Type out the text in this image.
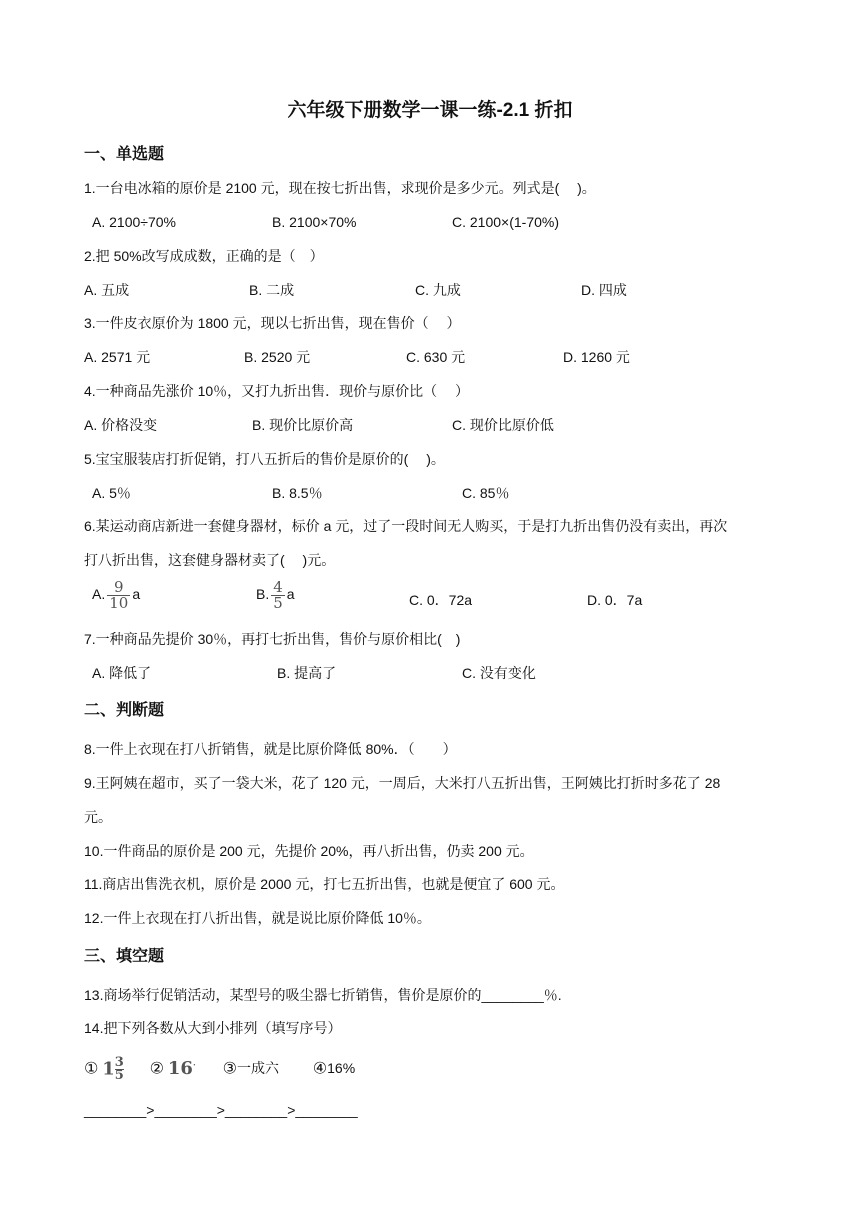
六年级下册数学一课一练-2.1 折扣
一、单选题
1.一台电冰箱的原价是 2100 元，现在按七折出售，求现价是多少元。列式是(　 )。
A. 2100÷70%	B. 2100×70%	C. 2100×(1-70%)
2.把 50%改写成成数，正确的是（　）
A. 五成	B. 二成	C. 九成	D. 四成
3.一件皮衣原价为 1800 元，现以七折出售，现在售价（　 ）
A. 2571 元	B. 2520 元	C. 630 元	D. 1260 元
4.一种商品先涨价 10％，又打九折出售．现价与原价比（　 ）
A. 价格没变	B. 现价比原价高	C. 现价比原价低
5.宝宝服装店打折促销，打八五折后的售价是原价的(　 )。
A. 5％	B. 8.5％	C. 85％
6.某运动商店新进一套健身器材，标价 a 元，过了一段时间无人购买，于是打九折出售仍没有卖出，再次
打八折出售，这套健身器材卖了(　 )元。
A. $\frac{9}{10}$ a	B. $\frac{4}{5}$ a	C. 0．72a	D. 0．7a
7.一种商品先提价 30％，再打七折出售，售价与原价相比(　)
A. 降低了	B. 提高了	C. 没有变化
二、判断题
8.一件上衣现在打八折销售，就是比原价降低 80%．（　　）
9.王阿姨在超市，买了一袋大米，花了 120 元，一周后，大米打八五折出售，王阿姨比打折时多花了 28
元。
10.一件商品的原价是 200 元，先提价 20%，再八折出售，仍卖 200 元。
11.商店出售洗衣机，原价是 2000 元，打七五折出售，也就是便宜了 600 元。
12.一件上衣现在打八折出售，就是说比原价降低 10％。
三、填空题
13.商场举行促销活动，某型号的吸尘器七折销售，售价是原价的________％.
14.把下列各数从大到小排列（填写序号）
① $1 \frac{3}{5}$ ② 16 ˙ ③一成六 ④16%
________>________>________>________
